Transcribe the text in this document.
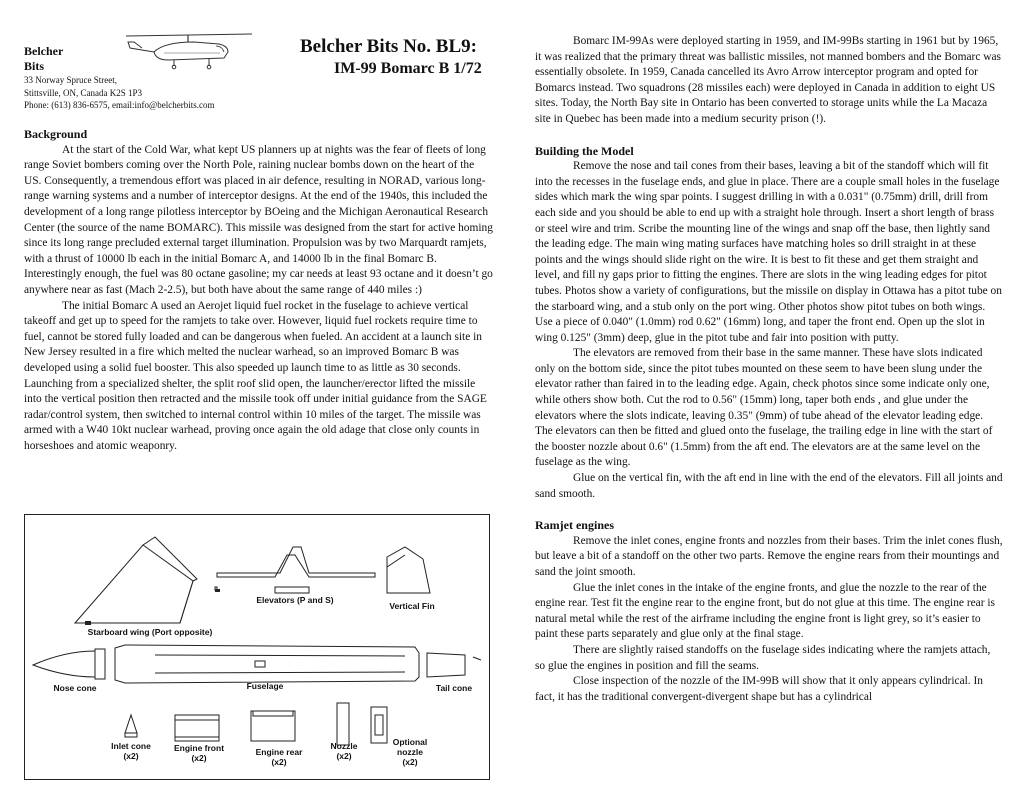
Belcher
Bits
33 Norway Spruce Street,
Stittsville, ON, Canada K2S 1P3
Phone: (613) 836-6575, email:info@belcherbits.com
Belcher Bits No. BL9:
IM-99 Bomarc B 1/72
Background

At the start of the Cold War, what kept US planners up at nights was the fear of fleets of long range Soviet bombers coming over the North Pole, raining nuclear bombs down on the heart of the US. Consequently, a tremendous effort was placed in air defence, resulting in NORAD, various long-range warning systems and a number of interceptor designs. At the end of the 1940s, this included the development of a long range pilotless interceptor by BOeing and the Michigan Aeronautical Research Center (the source of the name BOMARC). This missile was designed from the start for active homing since its long range precluded external target illumination. Propulsion was by two Marquardt ramjets, with a thrust of 10000 lb each in the initial Bomarc A, and 14000 lb in the final Bomarc B. Interestingly enough, the fuel was 80 octane gasoline; my car needs at least 93 octane and it doesn’t go anywhere near as fast (Mach 2-2.5), but both have about the same range of 440 miles :)

The initial Bomarc A used an Aerojet liquid fuel rocket in the fuselage to achieve vertical takeoff and get up to speed for the ramjets to take over. However, liquid fuel rockets require time to fuel, cannot be stored fully loaded and can be dangerous when fueled. An accident at a launch site in New Jersey resulted in a fire which melted the nuclear warhead, so an improved Bomarc B was developed using a solid fuel booster. This also speeded up launch time to as little as 30 seconds. Launching from a specialized shelter, the split roof slid open, the launcher/erector lifted the missile into the vertical position then retracted and the missile took off under initial guidance from the SAGE radar/control system, then switched to internal control within 10 miles of the target. The missile was armed with a W40 10kt nuclear warhead, proving once again the old adage that close only counts in horseshoes and atomic weaponry.

Starboard wing (Port opposite)
Elevators (P and S)
Vertical Fin
Nose cone	Fuselage	Tail cone
Inlet cone
(x2)
Engine front
(x2)
Engine rear
(x2)
Nozzle
(x2)
Optional
nozzle
(x2)

Bomarc IM-99As were deployed starting in 1959, and IM-99Bs starting in 1961 but by 1965, it was realized that the primary threat was ballistic missiles, not manned bombers and the Bomarc was essentially obsolete. In 1959, Canada cancelled its Avro Arrow interceptor program and opted for Bomarcs instead. Two squadrons (28 missiles each) were deployed in Canada in addition to eight US sites. Today, the North Bay site in Ontario has been converted to storage units while the La Macaza site in Quebec has been made into a medium security prison (!).

Building the Model

Remove the nose and tail cones from their bases, leaving a bit of the standoff which will fit into the recesses in the fuselage ends, and glue in place. There are a couple small holes in the fuselage sides which mark the wing spar points. I suggest drilling in with a 0.031" (0.75mm) drill, drill from each side and you should be able to end up with a straight hole through. Insert a short length of brass or steel wire and trim. Scribe the mounting line of the wings and snap off the base, then lightly sand the leading edge. The main wing mating surfaces have matching holes so drill straight in at these points and the wings should slide right on the wire. It is best to fit these and get them straight and level, and fill ny gaps prior to fitting the engines. There are slots in the wing leading edges for pitot tubes. Photos show a variety of configurations, but the missile on display in Ottawa has a pitot tube on the starboard wing, and a stub only on the port wing. Other photos show pitot tubes on both wings. Use a piece of 0.040" (1.0mm) rod 0.62" (16mm) long, and taper the front end. Open up the slot in wing 0.125" (3mm) deep, glue in the pitot tube and fair into position with putty.

The elevators are removed from their base in the same manner. These have slots indicated only on the bottom side, since the pitot tubes mounted on these seem to have been slung under the elevator rather than faired in to the leading edge. Again, check photos since some indicate only one, while others show both. Cut the rod to 0.56" (15mm) long, taper both ends , and glue under the elevators where the slots indicate, leaving 0.35" (9mm) of tube ahead of the elevator leading edge. The elevators can then be fitted and glued onto the fuselage, the trailing edge in line with the start of the booster nozzle about 0.6" (1.5mm) from the aft end. The elevators are at the same level on the fuselage as the wing.

Glue on the vertical fin, with the aft end in line with the end of the elevators. Fill all joints and sand smooth.

Ramjet engines

Remove the inlet cones, engine fronts and nozzles from their bases. Trim the inlet cones flush, but leave a bit of a standoff on the other two parts. Remove the engine rears from their mountings and sand the joint smooth.

Glue the inlet cones in the intake of the engine fronts, and glue the nozzle to the rear of the engine rear. Test fit the engine rear to the engine front, but do not glue at this time. The engine rear is natural metal while the rest of the airframe including the engine front is light grey, so it’s easier to paint these parts separately and glue only at the final stage.

There are slightly raised standoffs on the fuselage sides indicating where the ramjets attach, so glue the engines in position and fill the seams.

Close inspection of the nozzle of the IM-99B will show that it only appears cylindrical. In fact, it has the traditional convergent-divergent shape but has a cylindrical
